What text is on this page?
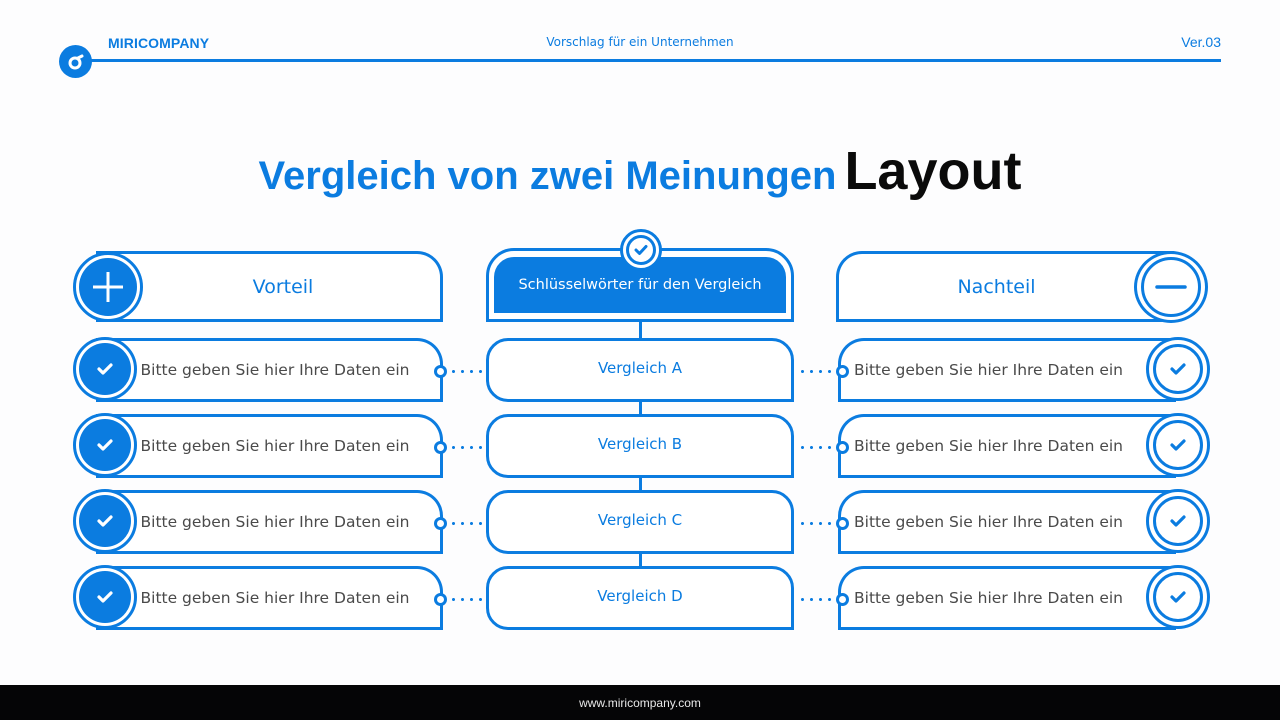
MIRICOMPANY	Vorschlag für ein Unternehmen	Ver.03
Vergleich von zwei Meinungen Layout
Vorteil
Bitte geben Sie hier Ihre Daten ein
Bitte geben Sie hier Ihre Daten ein
Bitte geben Sie hier Ihre Daten ein
Bitte geben Sie hier Ihre Daten ein
Schlüsselwörter für den Vergleich
Vergleich A
Vergleich B
Vergleich C
Vergleich D
Nachteil
Bitte geben Sie hier Ihre Daten ein
Bitte geben Sie hier Ihre Daten ein
Bitte geben Sie hier Ihre Daten ein
Bitte geben Sie hier Ihre Daten ein
www.miricompany.com
